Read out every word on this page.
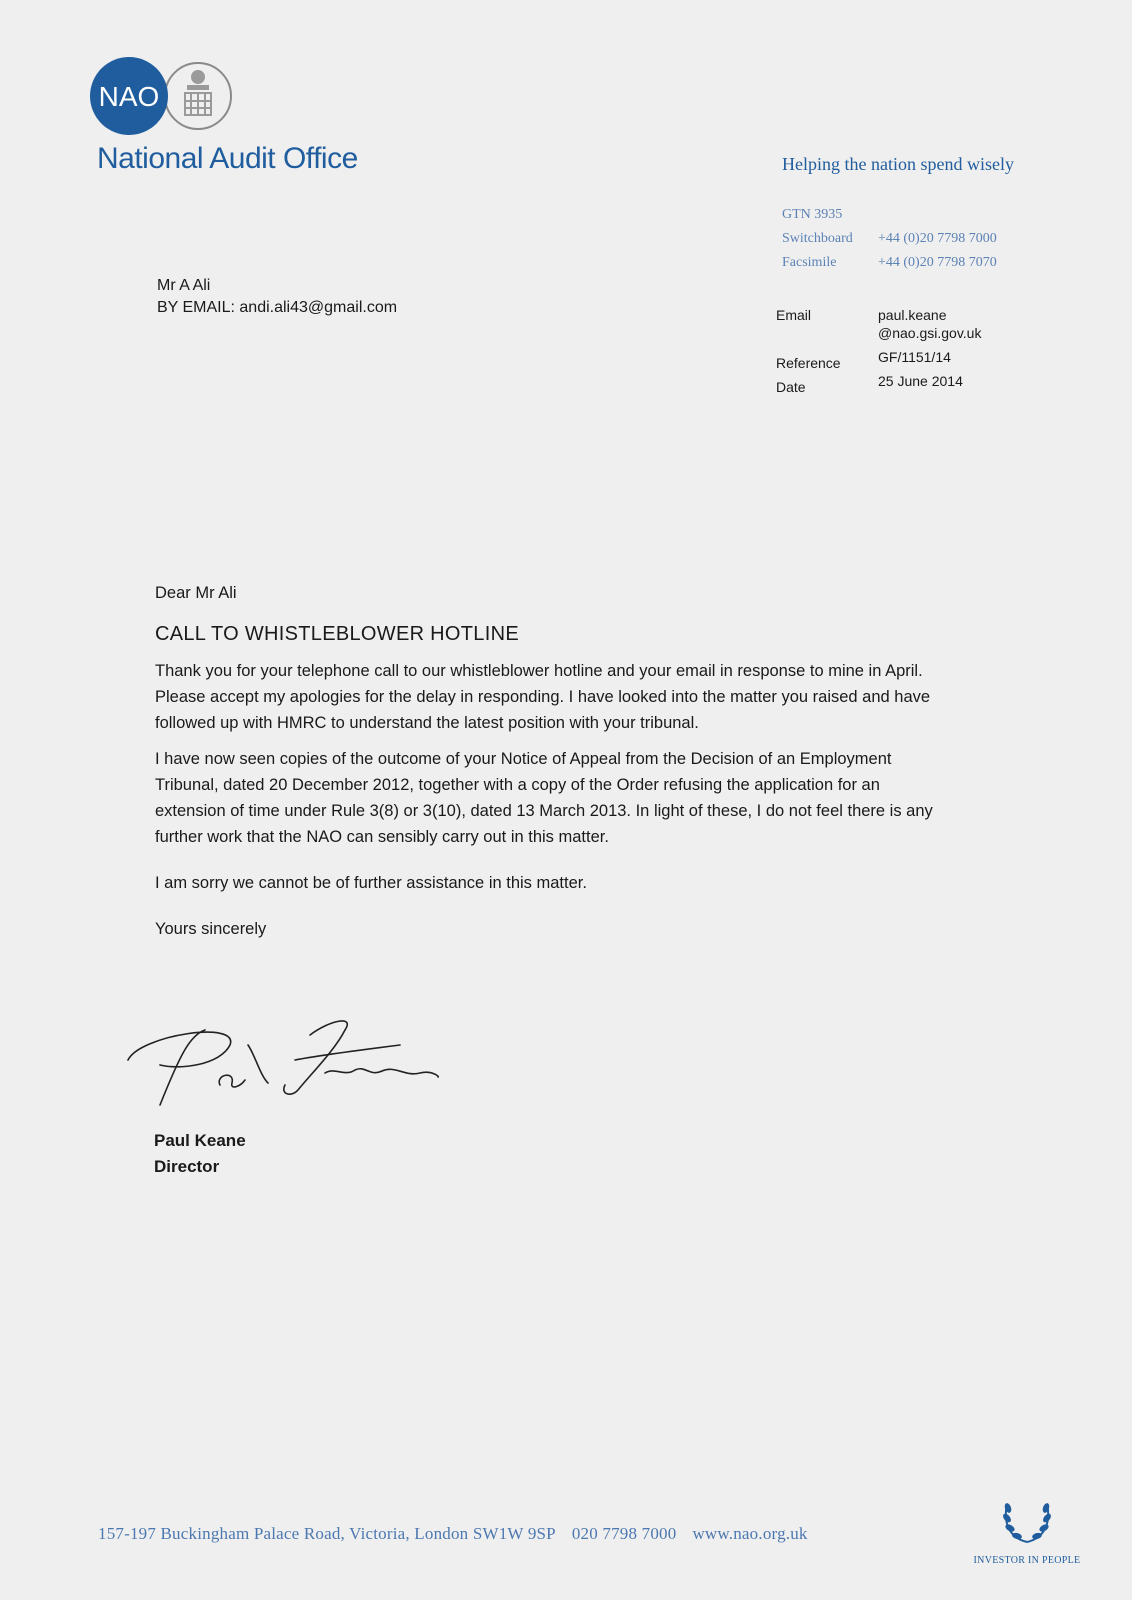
NAO
National Audit Office	Helping the nation spend wisely
GTN 3935
Switchboard +44 (0)20 7798 7000
Facsimile	+44 (0)20 7798 7070
Mr A Ali
BY EMAIL: andi.ali43@gmail.com	Email	paul.keane
@nao.gsi.gov.uk
Reference	GF/1151/14
Date	25 June 2014

Dear Mr Ali

CALL TO WHISTLEBLOWER HOTLINE

Thank you for your telephone call to our whistleblower hotline and your email in response to mine in April. Please accept my apologies for the delay in responding. I have looked into the matter you raised and have followed up with HMRC to understand the latest position with your tribunal.

I have now seen copies of the outcome of your Notice of Appeal from the Decision of an Employment Tribunal, dated 20 December 2012, together with a copy of the Order refusing the application for an extension of time under Rule 3(8) or 3(10), dated 13 March 2013. In light of these, I do not feel there is any further work that the NAO can sensibly carry out in this matter.

I am sorry we cannot be of further assistance in this matter.

Yours sincerely

Paul Keane
Director
157-197 Buckingham Palace Road, Victoria, London SW1W 9SP 020 7798 7000 www.nao.org.uk
INVESTOR IN PEOPLE
